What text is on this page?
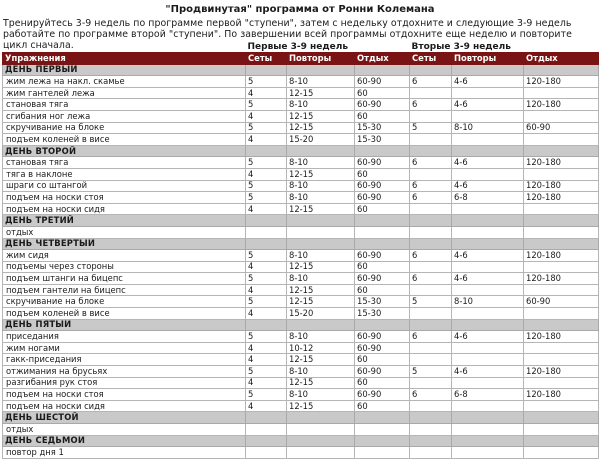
"Продвинутая" программа от Ронни Колемана
Тренируйтесь 3-9 недель по программе первой "ступени", затем с недельку отдохните и следующие 3-9 недель работайте по программе второй "ступени". По завершении всей программы отдохните еще неделю и повторите цикл сначала.
		Первые 3-9 недель			Вторые 3-9 недель		
Упражнения	Сеты	Повторы	Отдых	Сеты	Повторы	Отдых
ДЕНЬ ПЕРВЫЙ						
жим лежа на накл. скамье	5	8-10	60-90	6	4-6	120-180
жим гантелей лежа	4	12-15	60			
становая тяга	5	8-10	60-90	6	4-6	120-180
сгибания ног лежа	4	12-15	60			
скручивание на блоке	5	12-15	15-30	5	8-10	60-90
подъем коленей в висе	4	15-20	15-30			
ДЕНЬ ВТОРОЙ						
становая тяга	5	8-10	60-90	6	4-6	120-180
тяга в наклоне	4	12-15	60			
шраги со штангой	5	8-10	60-90	6	4-6	120-180
подъем на носки стоя	5	8-10	60-90	6	6-8	120-180
подъем на носки сидя	4	12-15	60			
ДЕНЬ ТРЕТИЙ						
отдых						
ДЕНЬ ЧЕТВЕРТЫЙ						
жим сидя	5	8-10	60-90	6	4-6	120-180
подъемы через стороны	4	12-15	60			
подъем штанги на бицепс	5	8-10	60-90	6	4-6	120-180
подъем гантели на бицепс	4	12-15	60			
скручивание на блоке	5	12-15	15-30	5	8-10	60-90
подъем коленей в висе	4	15-20	15-30			
ДЕНЬ ПЯТЫЙ						
приседания	5	8-10	60-90	6	4-6	120-180
жим ногами	4	10-12	60-90			
гакк-приседания	4	12-15	60			
отжимания на брусьях	5	8-10	60-90	5	4-6	120-180
разгибания рук стоя	4	12-15	60			
подъем на носки стоя	5	8-10	60-90	6	6-8	120-180
подъем на носки сидя	4	12-15	60			
ДЕНЬ ШЕСТОЙ						
отдых						
ДЕНЬ СЕДЬМОЙ						
повтор дня 1						
